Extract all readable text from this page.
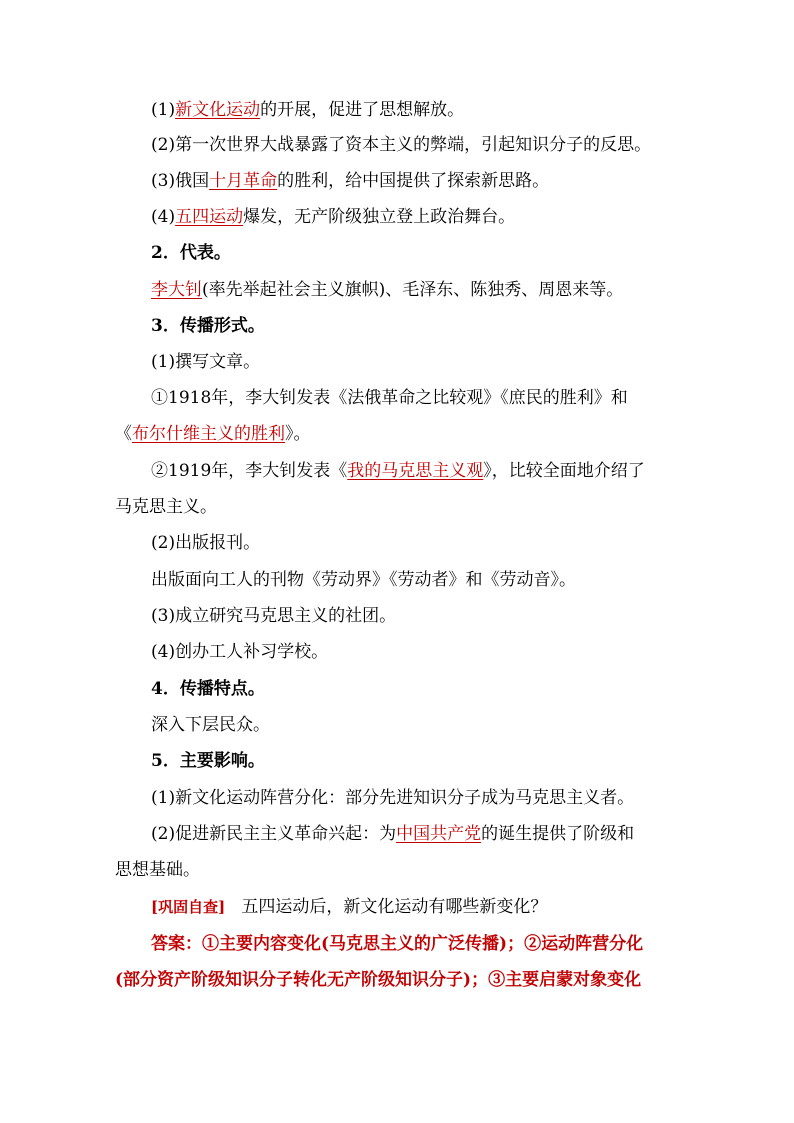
(1)新文化运动的开展，促进了思想解放。
(2)第一次世界大战暴露了资本主义的弊端，引起知识分子的反思。
(3)俄国十月革命的胜利，给中国提供了探索新思路。
(4)五四运动爆发，无产阶级独立登上政治舞台。
2．代表。
李大钊(率先举起社会主义旗帜)、毛泽东、陈独秀、周恩来等。
3．传播形式。
(1)撰写文章。
①1918年，李大钊发表《法俄革命之比较观》《庶民的胜利》和
《布尔什维主义的胜利》。
②1919年，李大钊发表《我的马克思主义观》，比较全面地介绍了
马克思主义。
(2)出版报刊。
出版面向工人的刊物《劳动界》《劳动者》和《劳动音》。
(3)成立研究马克思主义的社团。
(4)创办工人补习学校。
4．传播特点。
深入下层民众。
5．主要影响。
(1)新文化运动阵营分化：部分先进知识分子成为马克思主义者。
(2)促进新民主主义革命兴起：为中国共产党的诞生提供了阶级和
思想基础。
[巩固自查] 五四运动后，新文化运动有哪些新变化？
答案：①主要内容变化(马克思主义的广泛传播)；②运动阵营分化
(部分资产阶级知识分子转化无产阶级知识分子)；③主要启蒙对象变化
